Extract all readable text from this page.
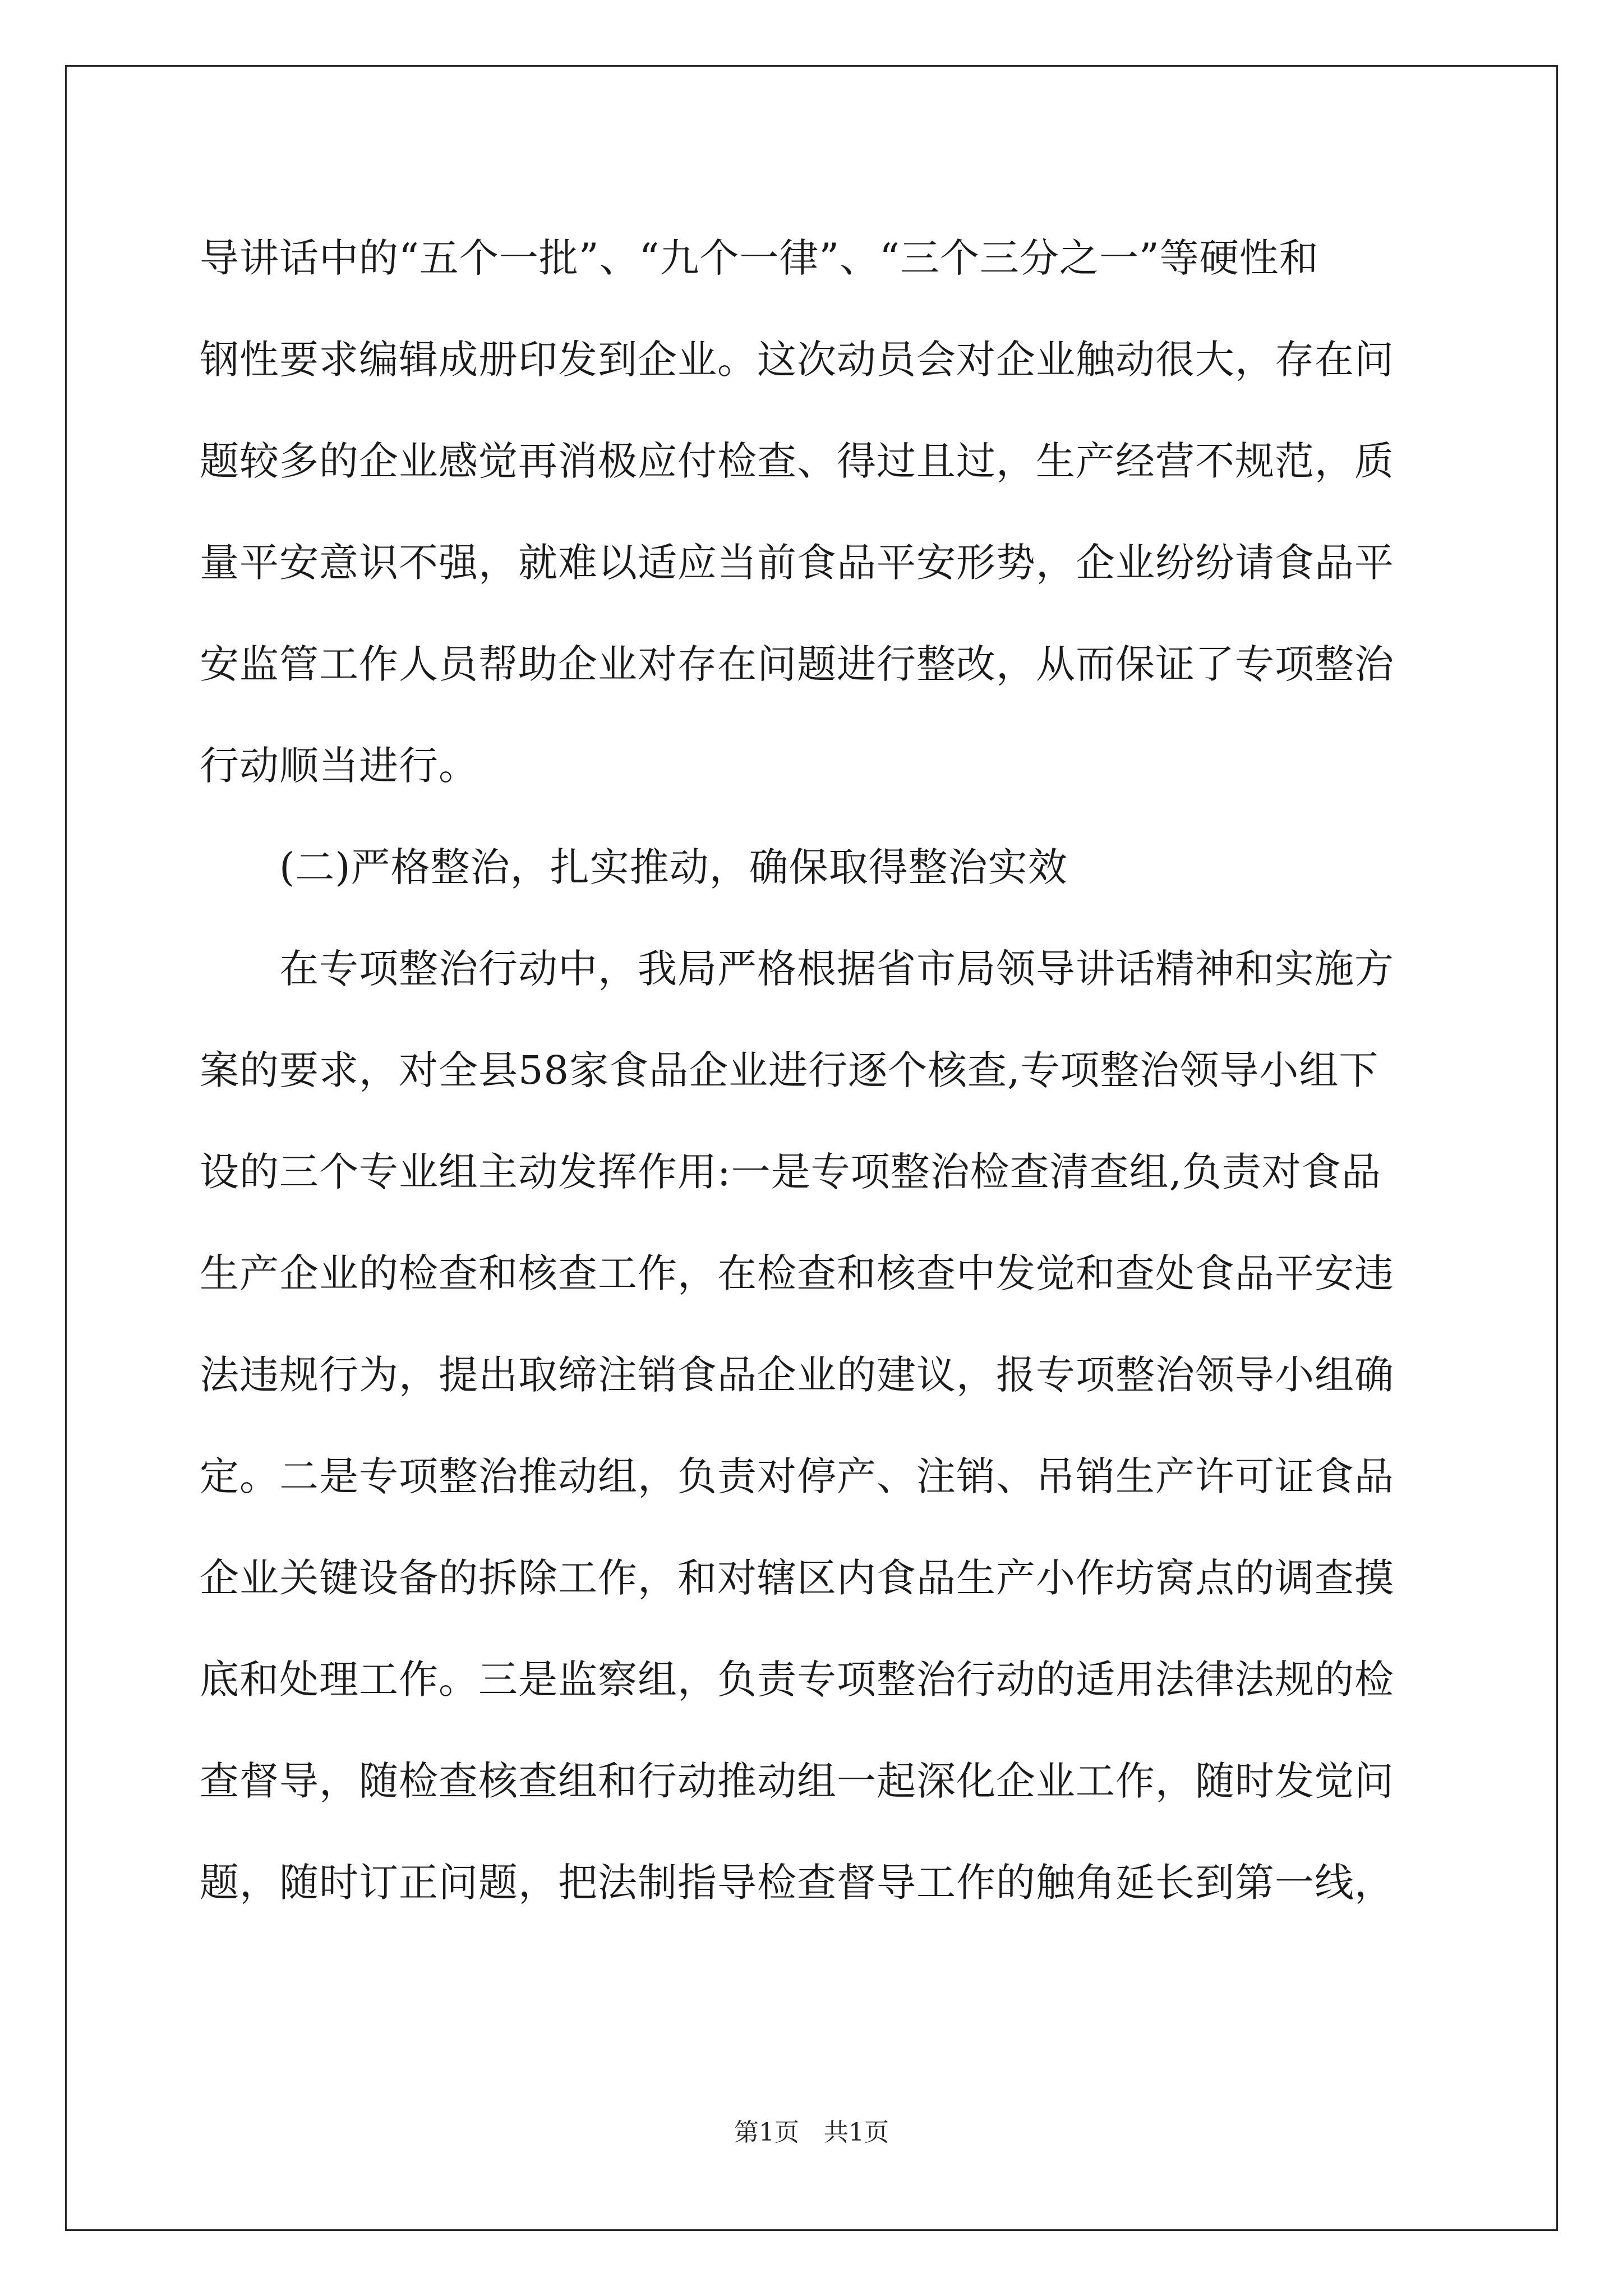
导讲话中的“五个一批”、“九个一律”、“三个三分之一”等硬性和
钢性要求编辑成册印发到企业。这次动员会对企业触动很大，存在问
题较多的企业感觉再消极应付检查、得过且过，生产经营不规范，质
量平安意识不强，就难以适应当前食品平安形势，企业纷纷请食品平
安监管工作人员帮助企业对存在问题进行整改，从而保证了专项整治
行动顺当进行。
　　(二)严格整治，扎实推动，确保取得整治实效
　　在专项整治行动中，我局严格根据省市局领导讲话精神和实施方
案的要求，对全县58家食品企业进行逐个核查,专项整治领导小组下
设的三个专业组主动发挥作用:一是专项整治检查清查组,负责对食品
生产企业的检查和核查工作，在检查和核查中发觉和查处食品平安违
法违规行为，提出取缔注销食品企业的建议，报专项整治领导小组确
定。二是专项整治推动组，负责对停产、注销、吊销生产许可证食品
企业关键设备的拆除工作，和对辖区内食品生产小作坊窝点的调查摸
底和处理工作。三是监察组，负责专项整治行动的适用法律法规的检
查督导，随检查核查组和行动推动组一起深化企业工作，随时发觉问
题，随时订正问题，把法制指导检查督导工作的触角延长到第一线，
第1页　共1页
